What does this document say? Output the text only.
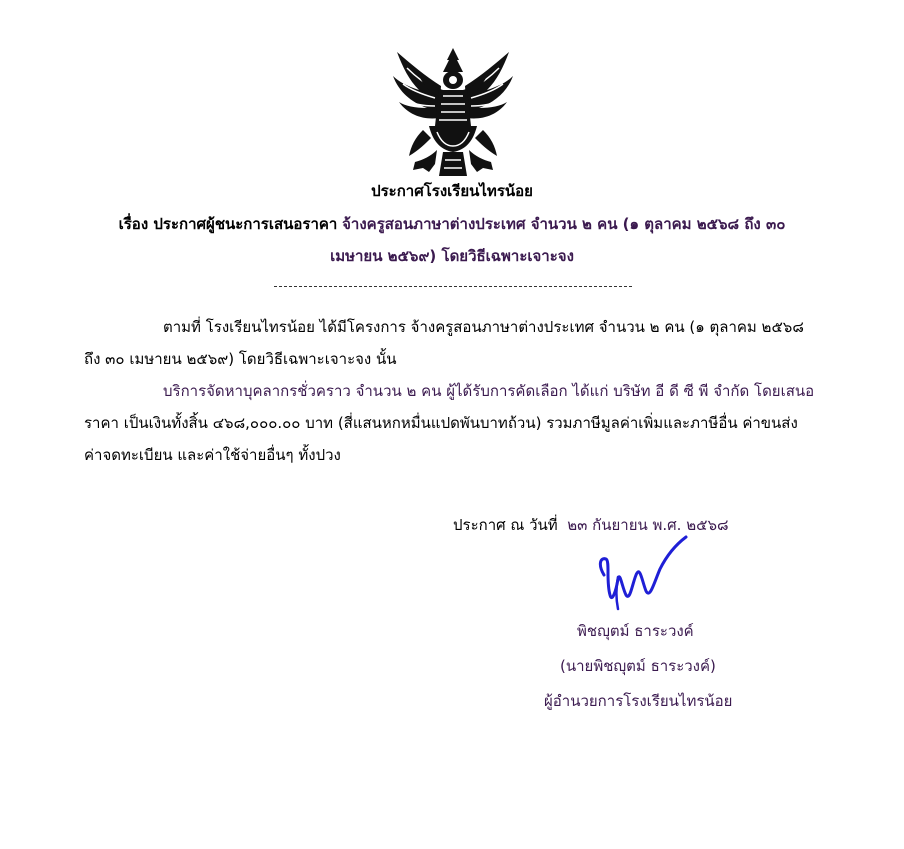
ประกาศโรงเรียนไทรน้อย
เรื่อง ประกาศผู้ชนะการเสนอราคา จ้างครูสอนภาษาต่างประเทศ จำนวน ๒ คน (๑ ตุลาคม ๒๕๖๘ ถึง ๓๐
เมษายน ๒๕๖๙) โดยวิธีเฉพาะเจาะจง
ตามที่ โรงเรียนไทรน้อย ได้มีโครงการ จ้างครูสอนภาษาต่างประเทศ จำนวน ๒ คน (๑ ตุลาคม ๒๕๖๘
ถึง ๓๐ เมษายน ๒๕๖๙) โดยวิธีเฉพาะเจาะจง นั้น
บริการจัดหาบุคลากรชั่วคราว จำนวน ๒ คน ผู้ได้รับการคัดเลือก ได้แก่ บริษัท อี ดี ซี พี จำกัด โดยเสนอ
ราคา เป็นเงินทั้งสิ้น ๔๖๘,๐๐๐.๐๐ บาท (สี่แสนหกหมื่นแปดพันบาทถ้วน) รวมภาษีมูลค่าเพิ่มและภาษีอื่น ค่าขนส่ง
ค่าจดทะเบียน และค่าใช้จ่ายอื่นๆ ทั้งปวง
ประกาศ ณ วันที่ ๒๓ กันยายน พ.ศ. ๒๕๖๘
พิชญุตม์ ธาระวงค์
(นายพิชญุตม์ ธาระวงค์)
ผู้อำนวยการโรงเรียนไทรน้อย
